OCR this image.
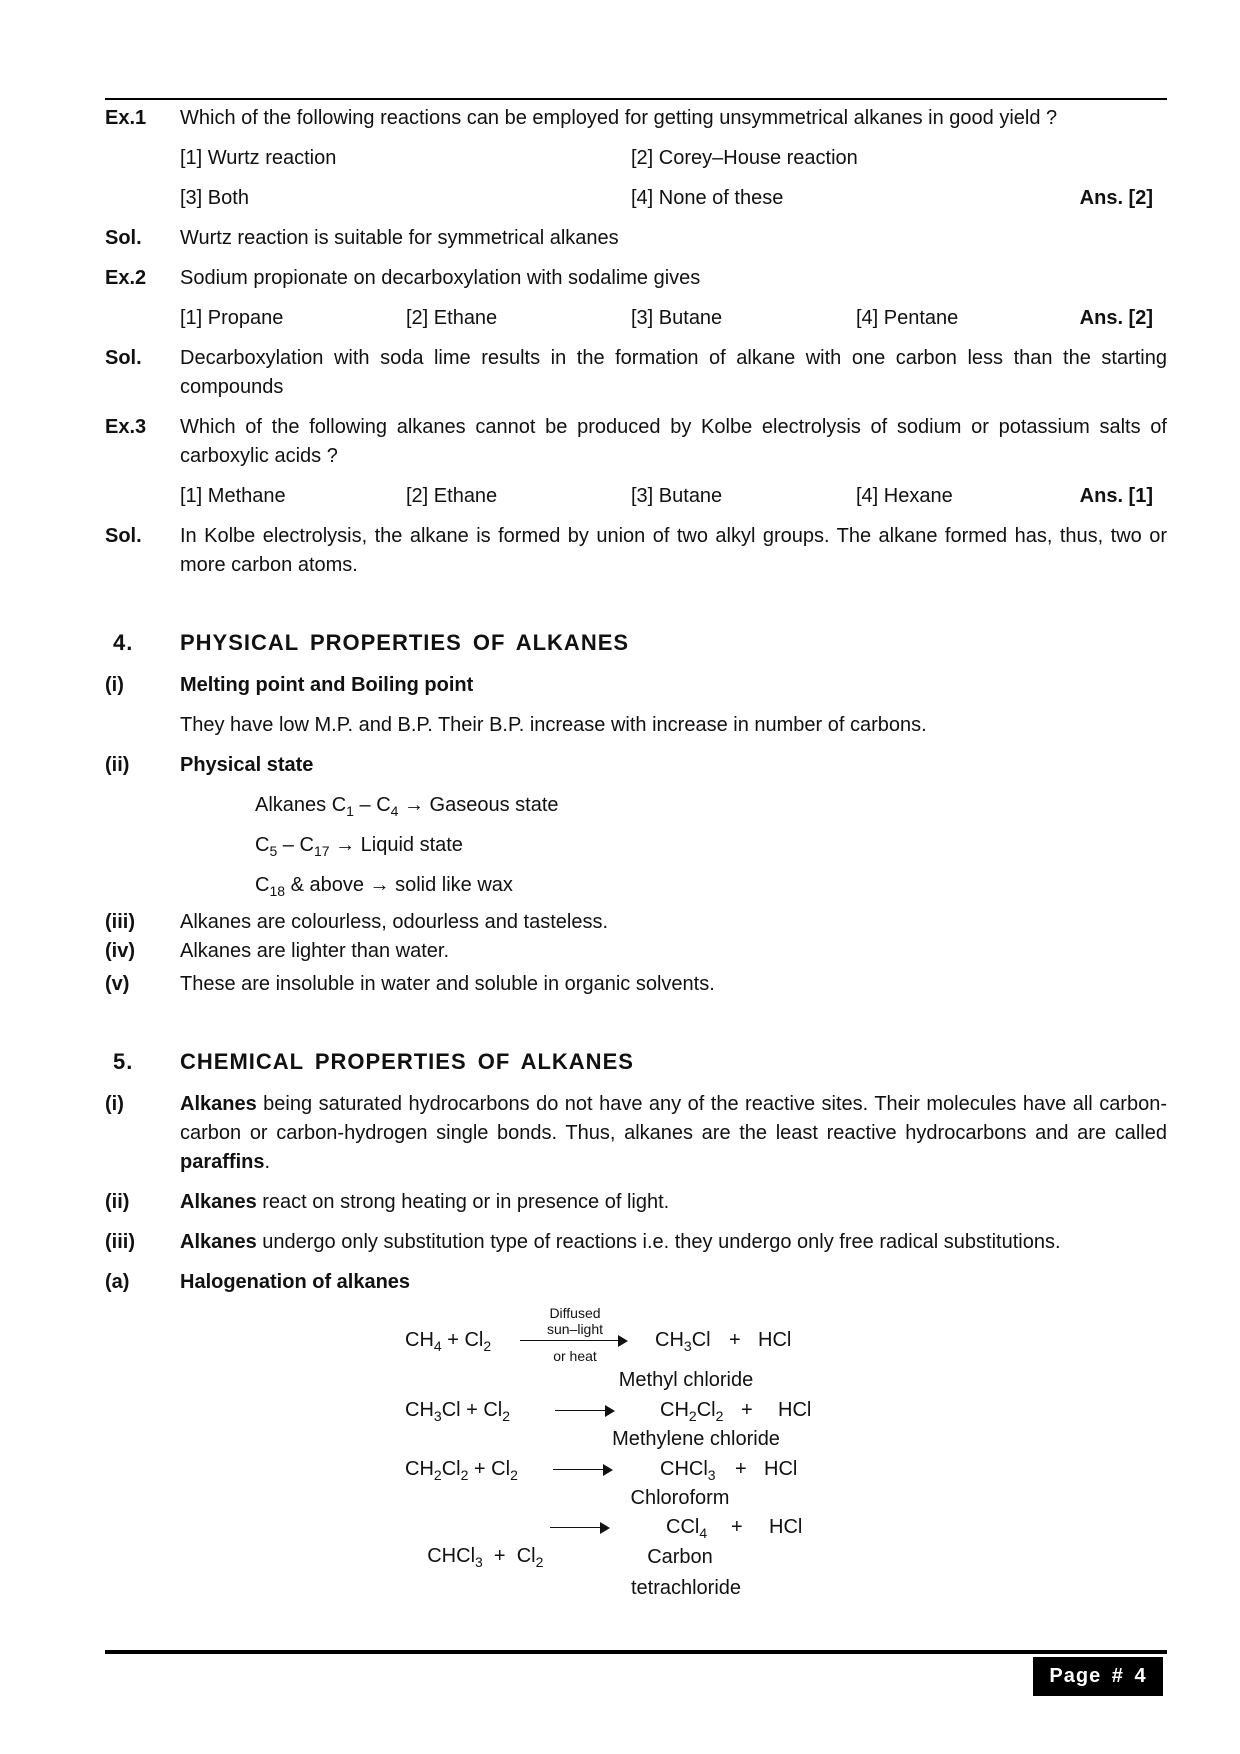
Ex.1 Which of the following reactions can be employed for getting unsymmetrical alkanes in good yield ?
[1] Wurtz reaction	[2] Corey–House reaction
[3] Both	[4] None of these	Ans. [2]
Sol. Wurtz reaction is suitable for symmetrical alkanes
Ex.2 Sodium propionate on decarboxylation with sodalime gives
[1] Propane	[2] Ethane	[3] Butane	[4] Pentane	Ans. [2]
Sol. Decarboxylation with soda lime results in the formation of alkane with one carbon less than the starting
compounds
Ex.3 Which of the following alkanes cannot be produced by Kolbe electrolysis of sodium or potassium salts of
carboxylic acids ?
[1] Methane	[2] Ethane	[3] Butane	[4] Hexane	Ans. [1]
Sol. In Kolbe electrolysis, the alkane is formed by union of two alkyl groups. The alkane formed has, thus, two or
more carbon atoms.
4. PHYSICAL PROPERTIES OF ALKANES
(i)	Melting point and Boiling point
They have low M.P. and B.P. Their B.P. increase with increase in number of carbons.
(ii)	Physical state
Alkanes $C_1 - C_4$ → Gaseous state
$C_5 - C_{17}$ → Liquid state
$C_{18}$ & above → solid like wax
(iii) Alkanes are colourless, odourless and tasteless.
(iv) Alkanes are lighter than water.
(v)	These are insoluble in water and soluble in organic solvents.
5. CHEMICAL PROPERTIES OF ALKANES
(i)	Alkanes being saturated hydrocarbons do not have any of the reactive sites. Their molecules have all carbon-
carbon or carbon-hydrogen single bonds. Thus, alkanes are the least reactive hydrocarbons and are called
paraffins.
(ii)	Alkanes react on strong heating or in presence of light.
(iii) Alkanes undergo only substitution type of reactions i.e. they undergo only free radical substitutions.
(a)	Halogenation of alkanes
$CH_4 + Cl_2$
Diffused
sun–light
or heat
$CH_3Cl$ + HCl
Methyl chloride
$CH_3Cl + Cl_2$	$CH_2Cl_2$ + HCl
Methylene chloride
$CH_2Cl_2 + Cl_2$	CHCl$_3$ + HCl
Chloroform

CHCl$_3$  +  $Cl_2$

CCl$_4$ + HCl
Carbon
tetrachloride
Page # 4
